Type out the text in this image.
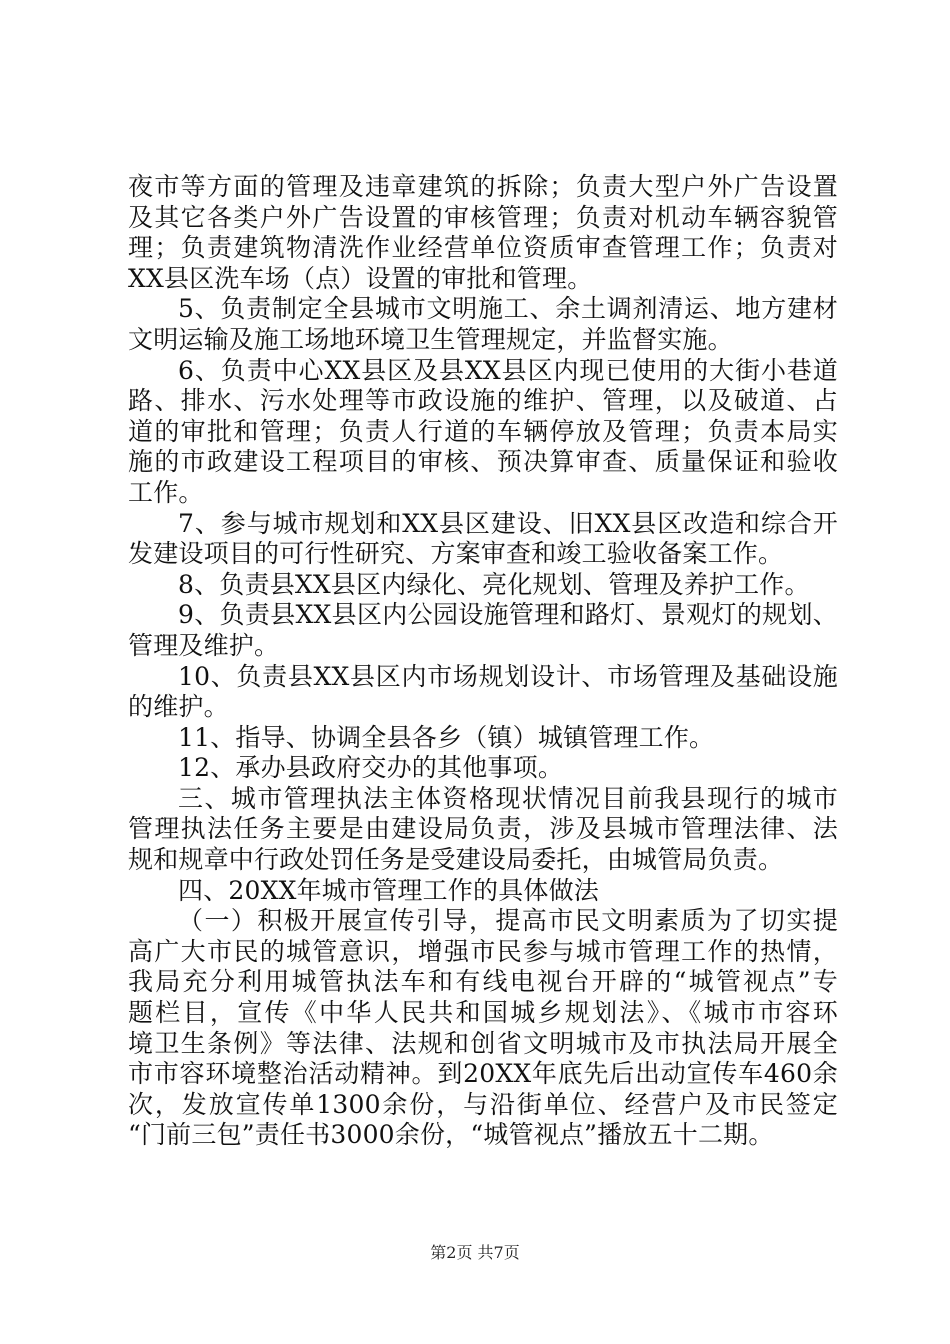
夜市等方面的管理及违章建筑的拆除；负责大型户外广告设置
及其它各类户外广告设置的审核管理；负责对机动车辆容貌管
理；负责建筑物清洗作业经营单位资质审查管理工作；负责对
XX县区洗车场（点）设置的审批和管理。
5、负责制定全县城市文明施工、余土调剂清运、地方建材
文明运输及施工场地环境卫生管理规定，并监督实施。
6、负责中心XX县区及县XX县区内现已使用的大街小巷道
路、排水、污水处理等市政设施的维护、管理，以及破道、占
道的审批和管理；负责人行道的车辆停放及管理；负责本局实
施的市政建设工程项目的审核、预决算审查、质量保证和验收
工作。
7、参与城市规划和XX县区建设、旧XX县区改造和综合开
发建设项目的可行性研究、方案审查和竣工验收备案工作。
8、负责县XX县区内绿化、亮化规划、管理及养护工作。
9、负责县XX县区内公园设施管理和路灯、景观灯的规划、
管理及维护。
10、负责县XX县区内市场规划设计、市场管理及基础设施
的维护。
11、指导、协调全县各乡（镇）城镇管理工作。
12、承办县政府交办的其他事项。
三、城市管理执法主体资格现状情况目前我县现行的城市
管理执法任务主要是由建设局负责，涉及县城市管理法律、法
规和规章中行政处罚任务是受建设局委托，由城管局负责。
四、20XX年城市管理工作的具体做法
（一）积极开展宣传引导，提高市民文明素质为了切实提
高广大市民的城管意识，增强市民参与城市管理工作的热情，
我局充分利用城管执法车和有线电视台开辟的“城管视点”专
题栏目，宣传《中华人民共和国城乡规划法》、《城市市容环
境卫生条例》等法律、法规和创省文明城市及市执法局开展全
市市容环境整治活动精神。到20XX年底先后出动宣传车460余
次，发放宣传单1300余份，与沿街单位、经营户及市民签定
“门前三包”责任书3000余份，“城管视点”播放五十二期。
第2页 共7页
